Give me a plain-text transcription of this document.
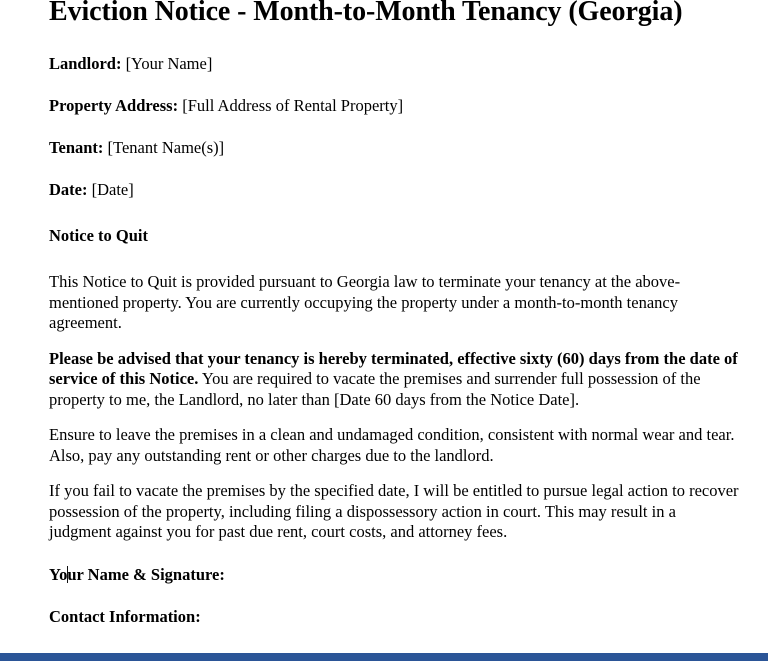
Eviction Notice - Month-to-Month Tenancy (Georgia)

Landlord: [Your Name]

Property Address: [Full Address of Rental Property]

Tenant: [Tenant Name(s)]

Date: [Date]

Notice to Quit

This Notice to Quit is provided pursuant to Georgia law to terminate your tenancy at the above-mentioned property. You are currently occupying the property under a month-to-month tenancy agreement.

Please be advised that your tenancy is hereby terminated, effective sixty (60) days from the date of service of this Notice. You are required to vacate the premises and surrender full possession of the property to me, the Landlord, no later than [Date 60 days from the Notice Date].

Ensure to leave the premises in a clean and undamaged condition, consistent with normal wear and tear. Also, pay any outstanding rent or other charges due to the landlord.

If you fail to vacate the premises by the specified date, I will be entitled to pursue legal action to recover possession of the property, including filing a dispossessory action in court. This may result in a judgment against you for past due rent, court costs, and attorney fees.

Your Name & Signature:

Contact Information:
